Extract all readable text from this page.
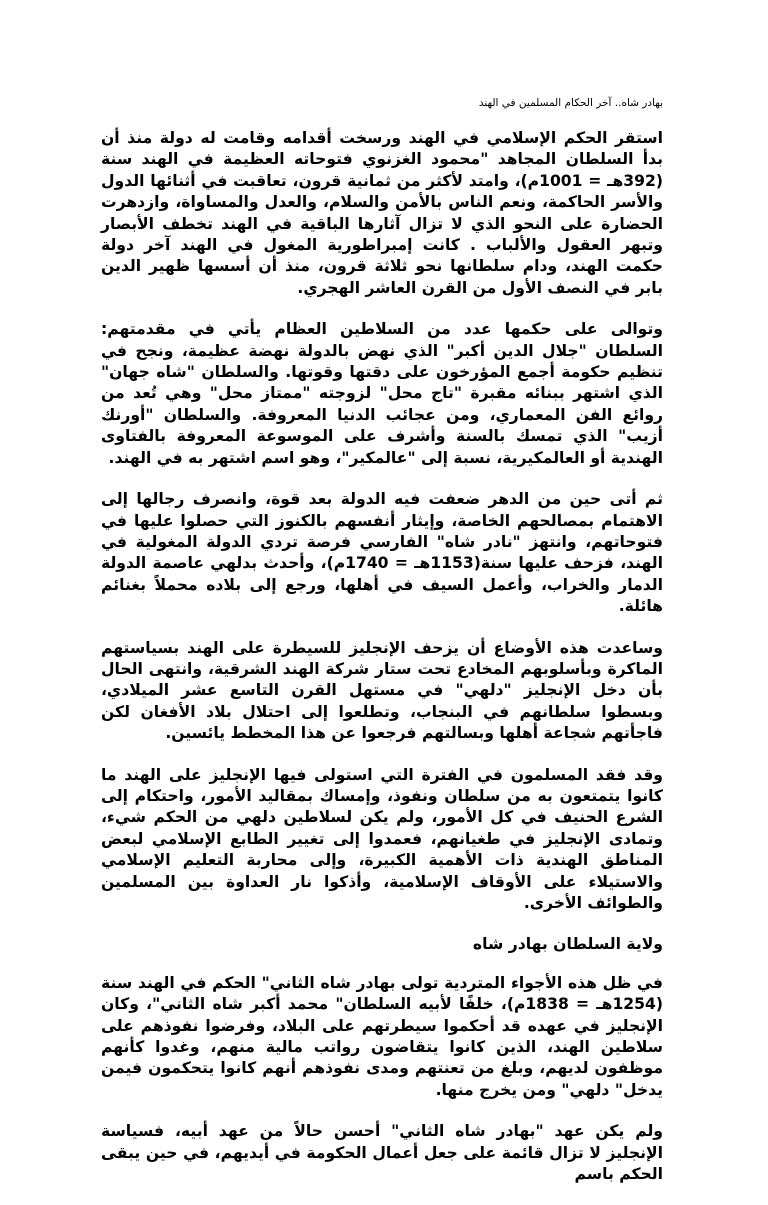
بهادر شاه.. آخر الحكام المسلمين في الهند

استقر الحكم الإسلامي في الهند ورسخت أقدامه وقامت له دولة منذ أن بدأ السلطان المجاهد "محمود الغزنوي فتوحاته العظيمة في الهند سنة (392هـ = 1001م)، وامتد لأكثر من ثمانية قرون، تعاقبت في أثنائها الدول والأسر الحاكمة، ونعم الناس بالأمن والسلام، والعدل والمساواة، وازدهرت الحضارة على النحو الذي لا تزال آثارها الباقية في الهند تخطف الأبصار وتبهر العقول والألباب . كانت إمبراطورية المغول في الهند آخر دولة حكمت الهند، ودام سلطانها نحو ثلاثة قرون، منذ أن أسسها ظهير الدين بابر في النصف الأول من القرن العاشر الهجري.

وتوالى على حكمها عدد من السلاطين العظام يأتي في مقدمتهم: السلطان "جلال الدين أكبر" الذي نهض بالدولة نهضة عظيمة، ونجح في تنظيم حكومة أجمع المؤرخون على دقتها وقوتها. والسلطان "شاه جهان" الذي اشتهر ببنائه مقبرة "تاج محل" لزوجته "ممتاز محل" وهي تُعد من روائع الفن المعماري، ومن عجائب الدنيا المعروفة. والسلطان "أورنك أزيب" الذي تمسك بالسنة وأشرف على الموسوعة المعروفة بالفتاوى الهندية أو العالمكيرية، نسبة إلى "عالمكير"، وهو اسم اشتهر به في الهند.

ثم أتى حين من الدهر ضعفت فيه الدولة بعد قوة، وانصرف رجالها إلى الاهتمام بمصالحهم الخاصة، وإيثار أنفسهم بالكنوز التي حصلوا عليها في فتوحاتهم، وانتهز "نادر شاه" الفارسي فرصة تردي الدولة المغولية في الهند، فزحف عليها سنة(1153هـ = 1740م)، وأحدث بدلهي عاصمة الدولة الدمار والخراب، وأعمل السيف في أهلها، ورجع إلى بلاده محملاً بغنائم هائلة.

وساعدت هذه الأوضاع أن يزحف الإنجليز للسيطرة على الهند بسياستهم الماكرة وبأسلوبهم المخادع تحت ستار شركة الهند الشرقية، وانتهى الحال بأن دخل الإنجليز "دلهي" في مستهل القرن التاسع عشر الميلادي، وبسطوا سلطانهم في البنجاب، وتطلعوا إلى احتلال بلاد الأفغان لكن فاجأتهم شجاعة أهلها وبسالتهم فرجعوا عن هذا المخطط يائسين.

وقد فقد المسلمون في الفترة التي استولى فيها الإنجليز على الهند ما كانوا يتمتعون به من سلطان ونفوذ، وإمساك بمقاليد الأمور، واحتكام إلى الشرع الحنيف في كل الأمور، ولم يكن لسلاطين دلهي من الحكم شيء، وتمادى الإنجليز في طغيانهم، فعمدوا إلى تغيير الطابع الإسلامي لبعض المناطق الهندية ذات الأهمية الكبيرة، وإلى محاربة التعليم الإسلامي والاستيلاء على الأوقاف الإسلامية، وأذكوا نار العداوة بين المسلمين والطوائف الأخرى.

ولاية السلطان بهادر شاه

في ظل هذه الأجواء المتردية تولى بهادر شاه الثاني" الحكم في الهند سنة (1254هـ = 1838م)، خلفًا لأبيه السلطان" محمد أكبر شاه الثاني"، وكان الإنجليز في عهده قد أحكموا سيطرتهم على البلاد، وفرضوا نفوذهم على سلاطين الهند، الذين كانوا يتقاضون رواتب مالية منهم، وغدوا كأنهم موظفون لديهم، وبلغ من تعنتهم ومدى نفوذهم أنهم كانوا يتحكمون فيمن يدخل" دلهي" ومن يخرج منها.

ولم يكن عهد "بهادر شاه الثاني" أحسن حالاً من عهد أبيه، فسياسة الإنجليز لا تزال قائمة على جعل أعمال الحكومة في أيديهم، في حين يبقى الحكم باسم
